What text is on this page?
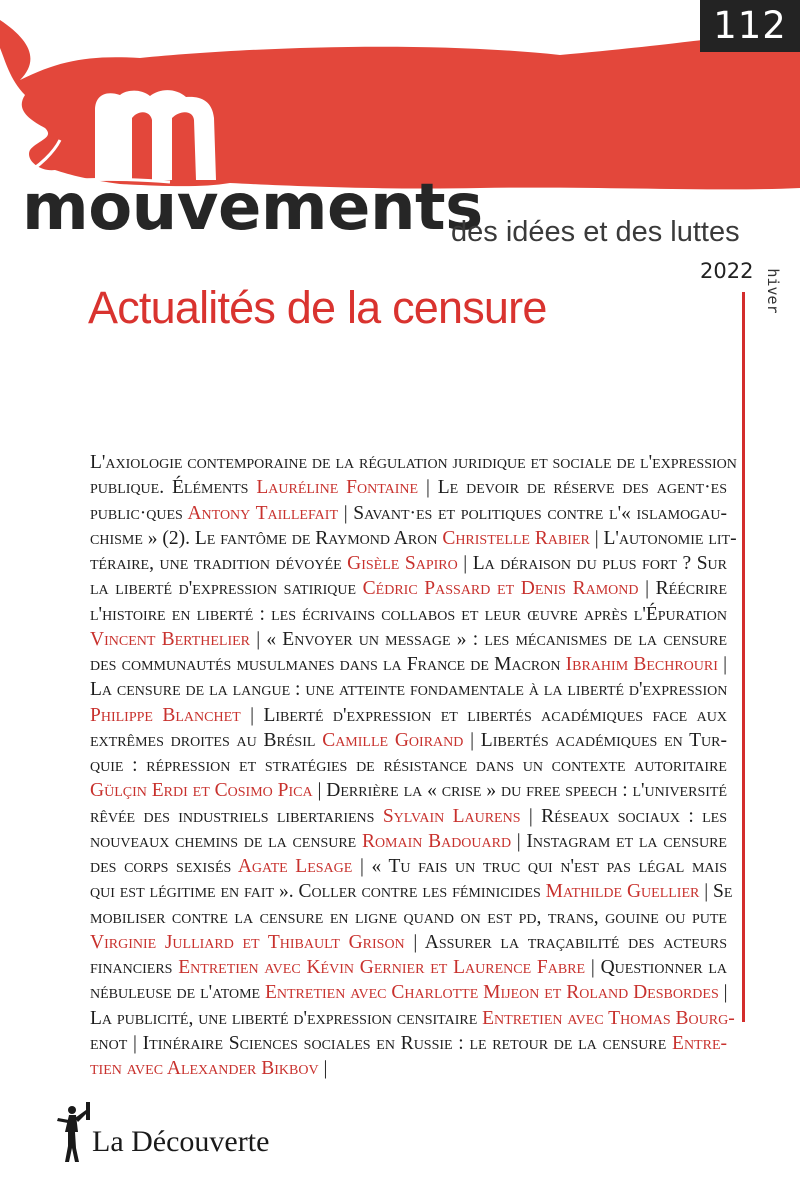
112
mouvements
des idées et des luttes
2022 hiver
Actualités de la censure
L'axiologie contemporaine de la régulation juridique et sociale de l'expression
publique. Éléments Lauréline Fontaine | Le devoir de réserve des agent·es
public·ques Antony Taillefait | Savant·es et politiques contre l'« islamogau-
chisme » (2). Le fantôme de Raymond Aron Christelle Rabier | L'autonomie lit-
téraire, une tradition dévoyée Gisèle Sapiro | La déraison du plus fort ? Sur
la liberté d'expression satirique Cédric Passard et Denis Ramond | Réécrire
l'histoire en liberté : les écrivains collabos et leur œuvre après l'Épuration
Vincent Berthelier | « Envoyer un message » : les mécanismes de la censure
des communautés musulmanes dans la France de Macron Ibrahim Bechrouri |
La censure de la langue : une atteinte fondamentale à la liberté d'expression
Philippe Blanchet | Liberté d'expression et libertés académiques face aux
extrêmes droites au Brésil Camille Goirand | Libertés académiques en Tur-
quie : répression et stratégies de résistance dans un contexte autoritaire
Gülçin Erdi et Cosimo Pica | Derrière la « crise » du free speech : l'université
rêvée des industriels libertariens Sylvain Laurens | Réseaux sociaux : les
nouveaux chemins de la censure Romain Badouard | Instagram et la censure
des corps sexisés Agate Lesage | « Tu fais un truc qui n'est pas légal mais
qui est légitime en fait ». Coller contre les féminicides Mathilde Guellier | Se
mobiliser contre la censure en ligne quand on est pd, trans, gouine ou pute
Virginie Julliard et Thibault Grison | Assurer la traçabilité des acteurs
financiers Entretien avec Kévin Gernier et Laurence Fabre | Questionner la
nébuleuse de l'atome Entretien avec Charlotte Mijeon et Roland Desbordes |
La publicité, une liberté d'expression censitaire Entretien avec Thomas Bourg-
enot | Itinéraire Sciences sociales en Russie : le retour de la censure Entre-
tien avec Alexander Bikbov |
La Découverte
